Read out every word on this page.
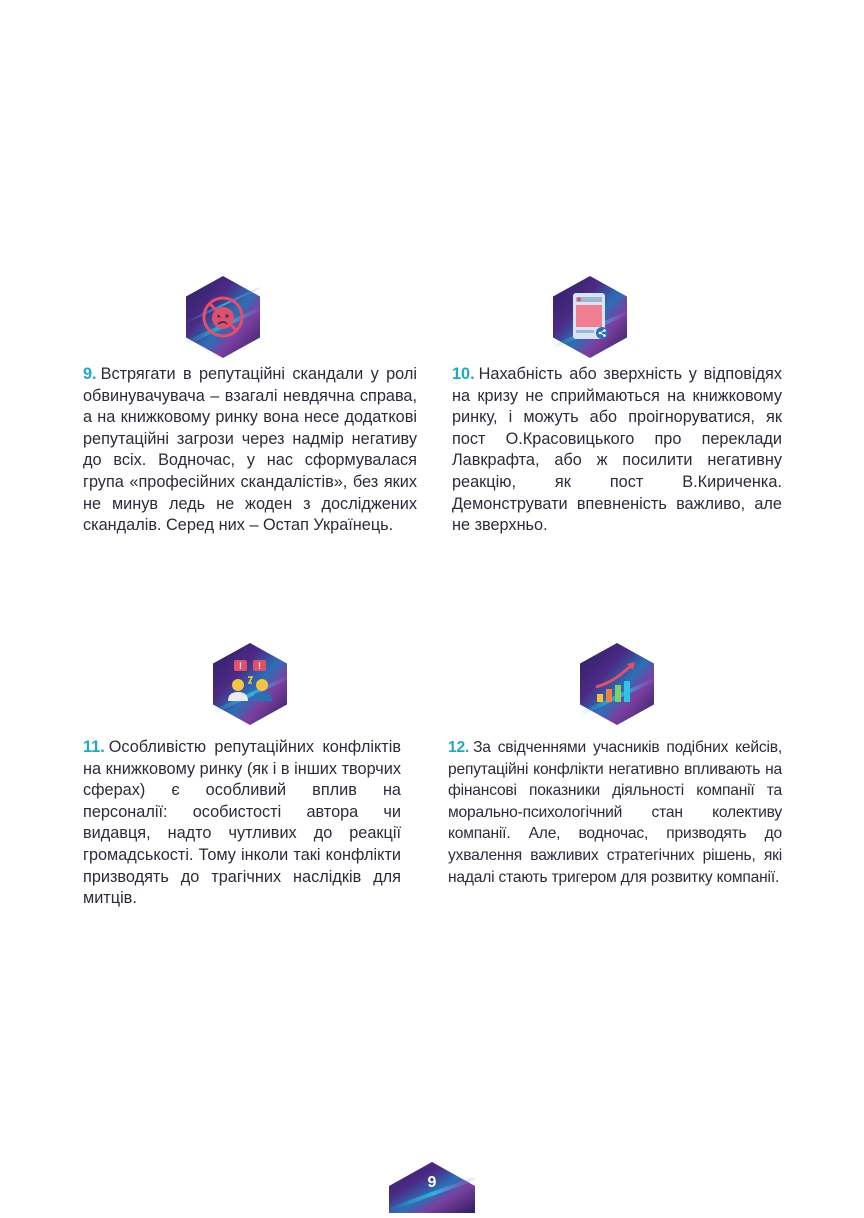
9. Встрягати в репутаційні скандали у ролі обвинувачувача – взагалі невдячна справа, а на книжковому ринку вона несе додаткові репутаційні загрози через надмір негативу до всіх. Водночас, у нас сформувалася група «професійних скандалістів», без яких не минув ледь не жоден з досліджених скандалів. Серед них – Остап Українець.

10. Нахабність або зверхність у відповідях на кризу не сприймаються на книжковому ринку, і можуть або проігноруватися, як пост О.Красовицького про переклади Лавкрафта, або ж посилити негативну реакцію, як пост В.Кириченка. Демонструвати впевненість важливо, але не зверхньо.

! !

11. Особливістю репутаційних конфліктів на книжковому ринку (як і в інших творчих сферах) є особливий вплив на персоналії: особистості автора чи видавця, надто чутливих до реакції громадськості. Тому інколи такі конфлікти призводять до трагічних наслідків для митців.

12. За свідченнями учасників подібних кейсів, репутаційні конфлікти негативно впливають на фінансові показники діяльності компанії та морально-психологічний стан колективу компанії. Але, водночас, призводять до ухвалення важливих стратегічних рішень, які надалі стають тригером для розвитку компанії.

9
